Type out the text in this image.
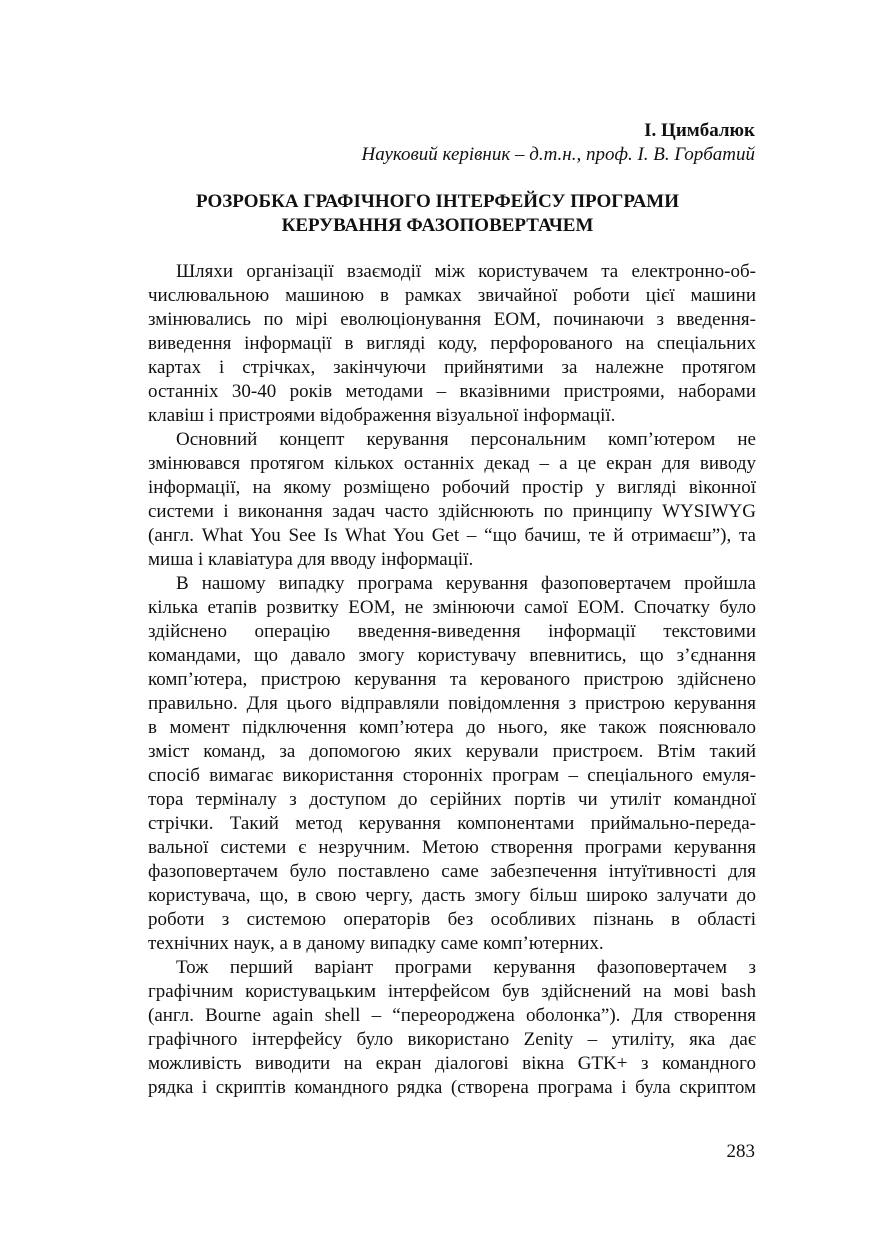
І. Цимбалюк
Науковий керівник – д.т.н., проф. І. В. Горбатий
РОЗРОБКА ГРАФІЧНОГО ІНТЕРФЕЙСУ ПРОГРАМИ
КЕРУВАННЯ ФАЗОПОВЕРТАЧЕМ
Шляхи організації взаємодії між користувачем та електронно-об-
числювальною машиною в рамках звичайної роботи цієї машини
змінювались по мірі еволюціонування ЕОМ, починаючи з введення-
виведення інформації в вигляді коду, перфорованого на спеціальних
картах і стрічках, закінчуючи прийнятими за належне протягом
останніх 30-40 років методами – вказівними пристроями, наборами
клавіш і пристроями відображення візуальної інформації.
Основний концепт керування персональним комп’ютером не
змінювався протягом кількох останніх декад – а це екран для виводу
інформації, на якому розміщено робочий простір у вигляді віконної
системи і виконання задач часто здійснюють по принципу WYSIWYG
(англ. What You See Is What You Get – “що бачиш, те й отримаєш”), та
миша і клавіатура для вводу інформації.
В нашому випадку програма керування фазоповертачем пройшла
кілька етапів розвитку ЕОМ, не змінюючи самої ЕОМ. Спочатку було
здійснено операцію введення-виведення інформації текстовими
командами, що давало змогу користувачу впевнитись, що з’єднання
комп’ютера, пристрою керування та керованого пристрою здійснено
правильно. Для цього відправляли повідомлення з пристрою керування
в момент підключення комп’ютера до нього, яке також пояснювало
зміст команд, за допомогою яких керували пристроєм. Втім такий
спосіб вимагає використання сторонніх програм – спеціального емуля-
тора терміналу з доступом до серійних портів чи утиліт командної
стрічки. Такий метод керування компонентами приймально-переда-
вальної системи є незручним. Метою створення програми керування
фазоповертачем було поставлено саме забезпечення інтуїтивності для
користувача, що, в свою чергу, дасть змогу більш широко залучати до
роботи з системою операторів без особливих пізнань в області
технічних наук, а в даному випадку саме комп’ютерних.
Тож перший варіант програми керування фазоповертачем з
графічним користувацьким інтерфейсом був здійснений на мові bash
(англ. Bourne again shell – “переороджена оболонка”). Для створення
графічного інтерфейсу було використано Zenity – утиліту, яка дає
можливість виводити на екран діалогові вікна GTK+ з командного
рядка і скриптів командного рядка (створена програма і була скриптом
283
